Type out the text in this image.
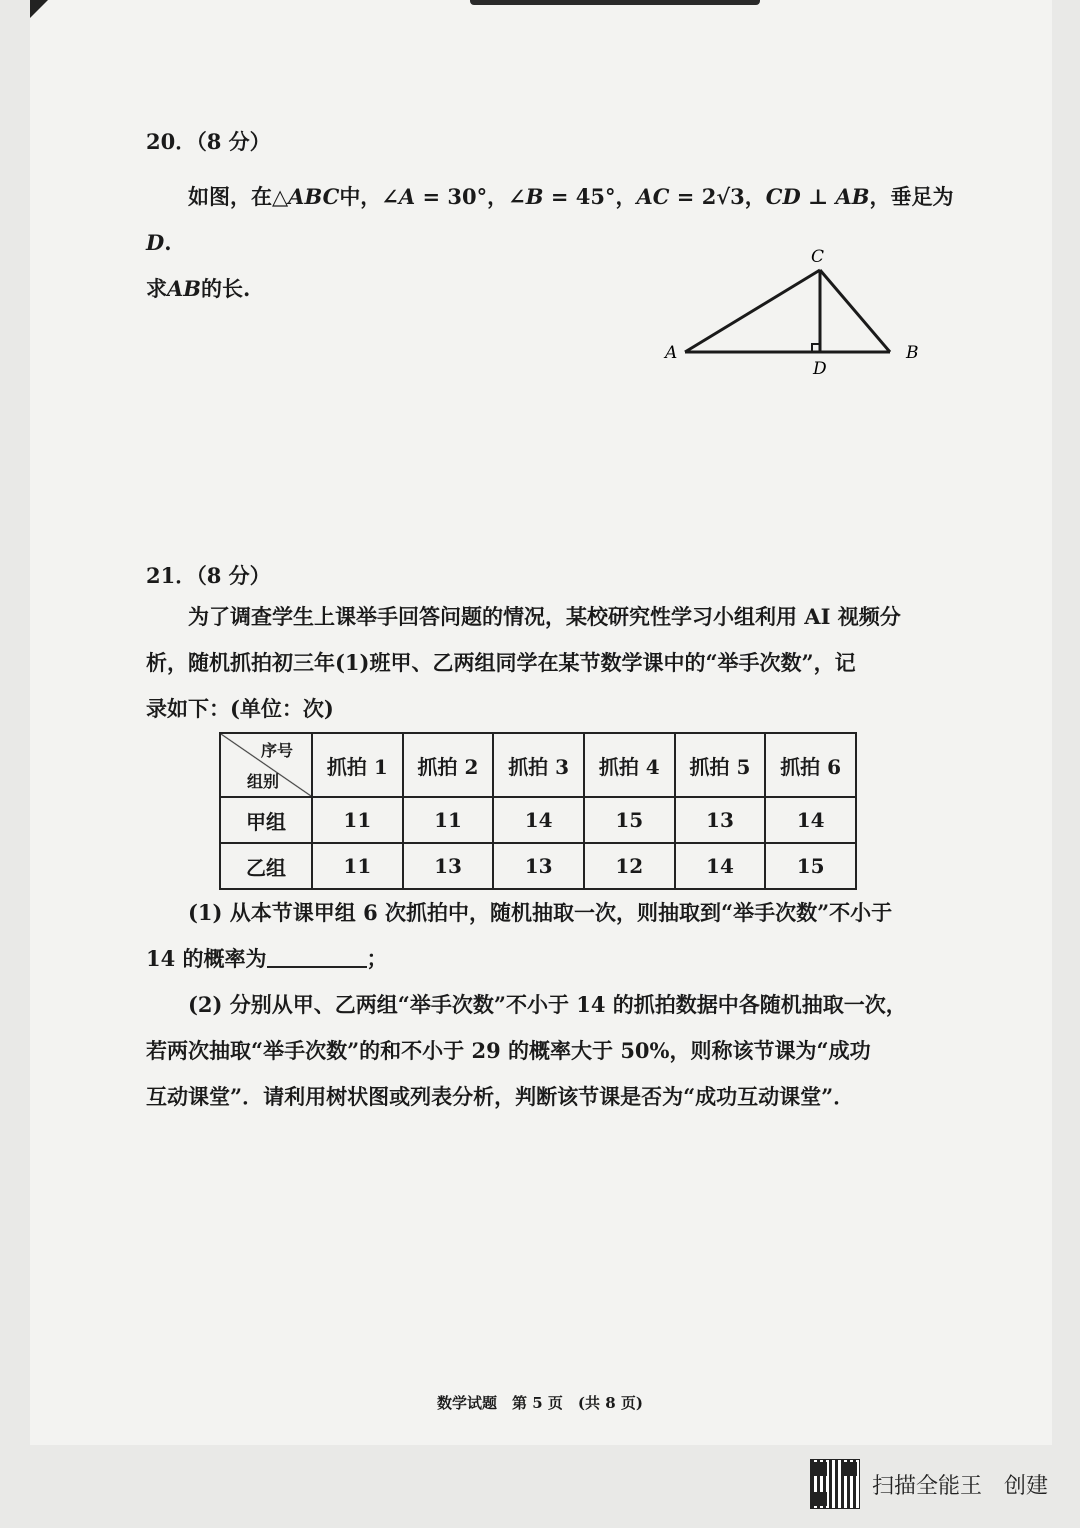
20．（8 分）

如图，在△ABC中，∠A = 30°，∠B = 45°，AC = 2√3，CD ⊥ AB，垂足为D.

求AB的长.

A	B
C
D
21．（8 分）

为了调查学生上课举手回答问题的情况，某校研究性学习小组利用 AI 视频分

析，随机抓拍初三年(1)班甲、乙两组同学在某节数学课中的“举手次数”，记

录如下：(单位：次)

序号
组别	抓拍 1	抓拍 2	抓拍 3	抓拍 4	抓拍 5	抓拍 6
甲组	11	11	14	15	13	14
乙组	11	13	13	12	14	15

(1) 从本节课甲组 6 次抓拍中，随机抽取一次，则抽取到“举手次数”不小于

14 的概率为	；

(2) 分别从甲、乙两组“举手次数”不小于 14 的抓拍数据中各随机抽取一次，

若两次抽取“举手次数”的和不小于 29 的概率大于 50%，则称该节课为“成功

互动课堂”．请利用树状图或列表分析，判断该节课是否为“成功互动课堂”．

数学试题　第 5 页　(共 8 页)
扫描全能王　创建
